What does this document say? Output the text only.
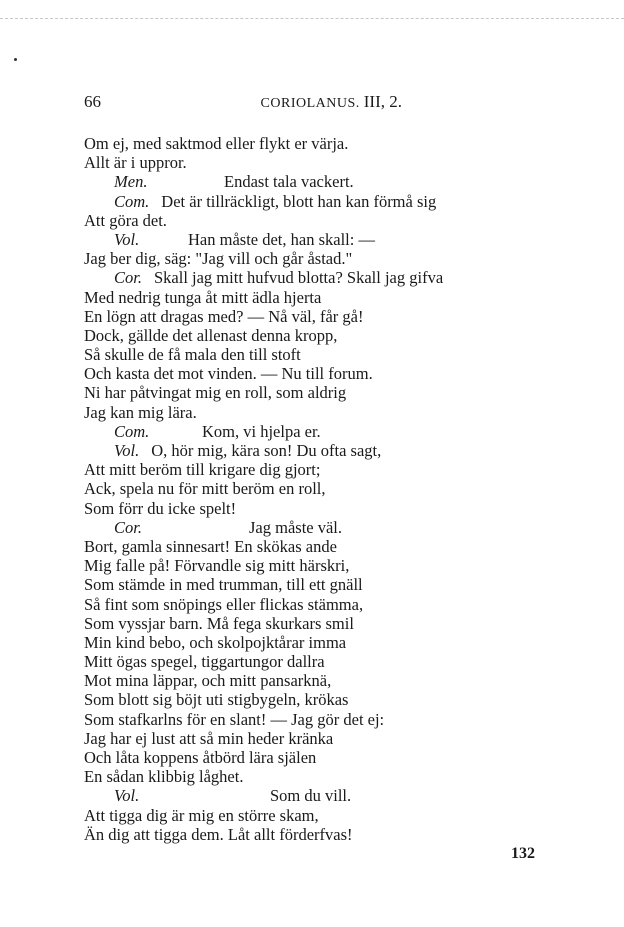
66	CORIOLANUS. III, 2.
Om ej, med saktmod eller flykt er värja.
Allt är i uppror.
Men.	Endast tala vackert.
Com. Det är tillräckligt, blott han kan förmå sig
Att göra det.
Vol.	Han måste det, han skall: —
Jag ber dig, säg: "Jag vill och går åstad."
Cor. Skall jag mitt hufvud blotta? Skall jag gifva
Med nedrig tunga åt mitt ädla hjerta
En lögn att dragas med? — Nå väl, får gå!
Dock, gällde det allenast denna kropp,
Så skulle de få mala den till stoft
Och kasta det mot vinden. — Nu till forum.
Ni har påtvingat mig en roll, som aldrig
Jag kan mig lära.
Com.	Kom, vi hjelpa er.
Vol. O, hör mig, kära son! Du ofta sagt,
Att mitt beröm till krigare dig gjort;
Ack, spela nu för mitt beröm en roll,
Som förr du icke spelt!
Cor.	Jag måste väl.
Bort, gamla sinnesart! En skökas ande
Mig falle på! Förvandle sig mitt härskri,
Som stämde in med trumman, till ett gnäll
Så fint som snöpings eller flickas stämma,
Som vyssjar barn. Må fega skurkars smil
Min kind bebo, och skolpojktårar imma
Mitt ögas spegel, tiggartungor dallra
Mot mina läppar, och mitt pansarknä,
Som blott sig böjt uti stigbygeln, krökas
Som stafkarlns för en slant! — Jag gör det ej:
Jag har ej lust att så min heder kränka
Och låta koppens åtbörd lära själen
En sådan klibbig låghet.
Vol.	Som du vill.
Att tigga dig är mig en större skam,
Än dig att tigga dem. Låt allt förderfvas!
132
